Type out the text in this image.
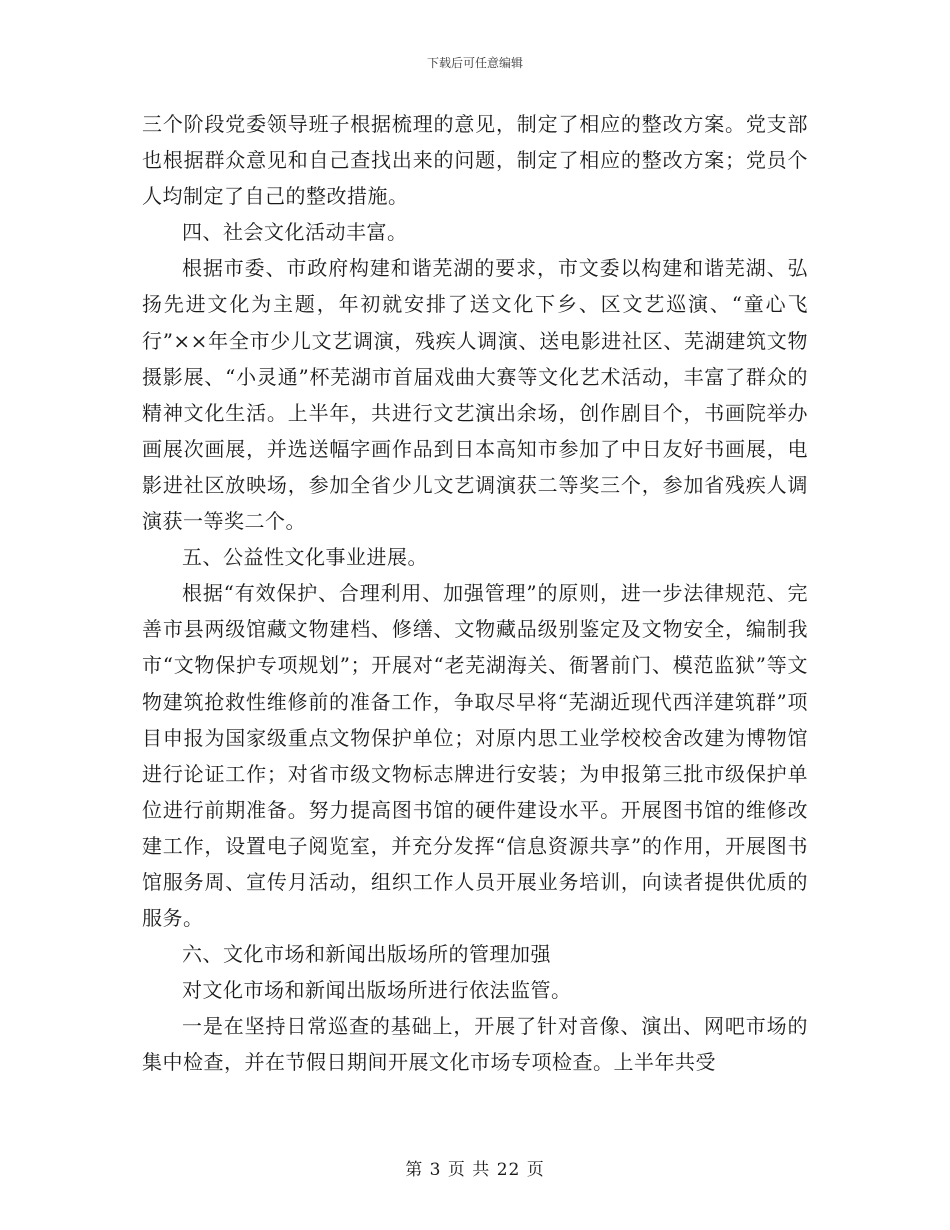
下载后可任意编辑

三个阶段党委领导班子根据梳理的意见，制定了相应的整改方案。党支部也根据群众意见和自己查找出来的问题，制定了相应的整改方案；党员个人均制定了自己的整改措施。

四、社会文化活动丰富。

根据市委、市政府构建和谐芜湖的要求，市文委以构建和谐芜湖、弘扬先进文化为主题，年初就安排了送文化下乡、区文艺巡演、“童心飞行”××年全市少儿文艺调演，残疾人调演、送电影进社区、芜湖建筑文物摄影展、“小灵通”杯芜湖市首届戏曲大赛等文化艺术活动，丰富了群众的精神文化生活。上半年，共进行文艺演出余场，创作剧目个，书画院举办画展次画展，并选送幅字画作品到日本高知市参加了中日友好书画展，电影进社区放映场，参加全省少儿文艺调演获二等奖三个，参加省残疾人调演获一等奖二个。

五、公益性文化事业进展。

根据“有效保护、合理利用、加强管理”的原则，进一步法律规范、完善市县两级馆藏文物建档、修缮、文物藏品级别鉴定及文物安全，编制我市“文物保护专项规划”；开展对“老芜湖海关、衙署前门、模范监狱”等文物建筑抢救性维修前的准备工作，争取尽早将“芜湖近现代西洋建筑群”项目申报为国家级重点文物保护单位；对原内思工业学校校舍改建为博物馆进行论证工作；对省市级文物标志牌进行安装；为申报第三批市级保护单位进行前期准备。努力提高图书馆的硬件建设水平。开展图书馆的维修改建工作，设置电子阅览室，并充分发挥“信息资源共享”的作用，开展图书馆服务周、宣传月活动，组织工作人员开展业务培训，向读者提供优质的服务。

六、文化市场和新闻出版场所的管理加强

对文化市场和新闻出版场所进行依法监管。

一是在坚持日常巡查的基础上，开展了针对音像、演出、网吧市场的集中检查，并在节假日期间开展文化市场专项检查。上半年共受

第 3 页 共 22 页
